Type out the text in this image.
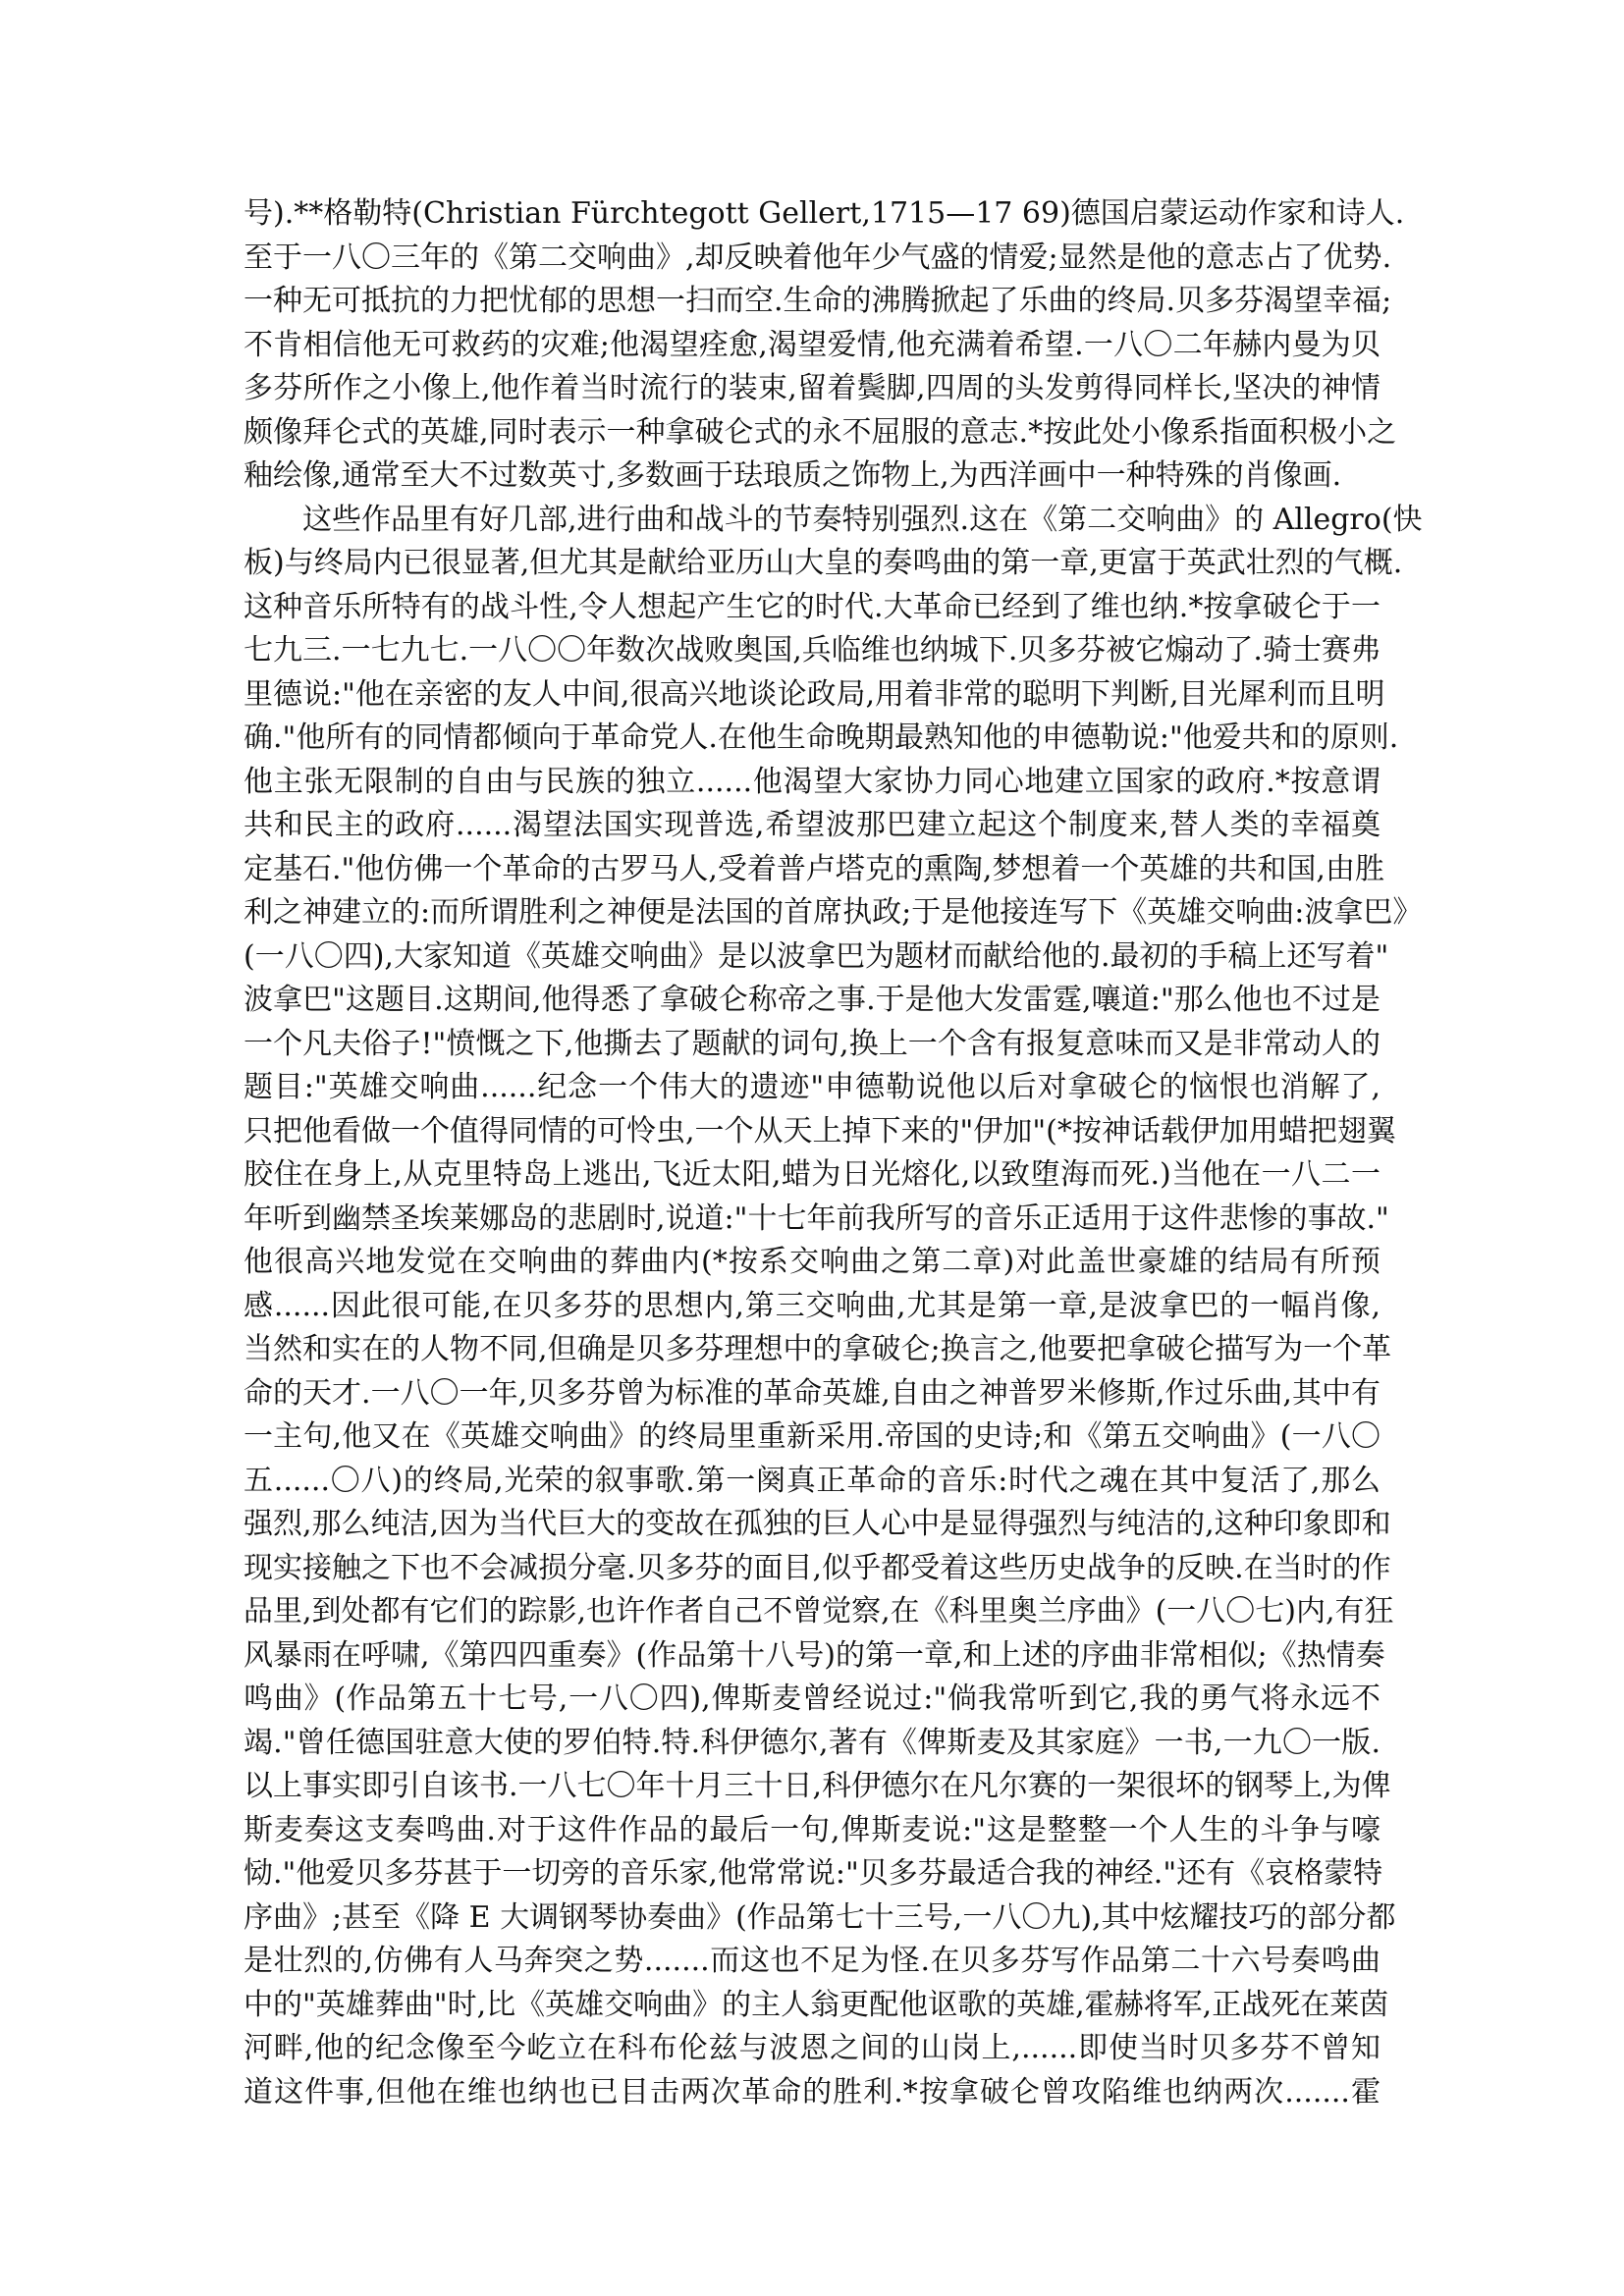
号).**格勒特(Christian Fürchtegott Gellert,1715—17 69)德国启蒙运动作家和诗人.
至于一八〇三年的《第二交响曲》,却反映着他年少气盛的情爱;显然是他的意志占了优势.
一种无可抵抗的力把忧郁的思想一扫而空.生命的沸腾掀起了乐曲的终局.贝多芬渴望幸福;
不肯相信他无可救药的灾难;他渴望痊愈,渴望爱情,他充满着希望.一八〇二年赫内曼为贝
多芬所作之小像上,他作着当时流行的装束,留着鬓脚,四周的头发剪得同样长,坚决的神情
颇像拜仑式的英雄,同时表示一种拿破仑式的永不屈服的意志.*按此处小像系指面积极小之
釉绘像,通常至大不过数英寸,多数画于珐琅质之饰物上,为西洋画中一种特殊的肖像画.
这些作品里有好几部,进行曲和战斗的节奏特别强烈.这在《第二交响曲》的 Allegro(快
板)与终局内已很显著,但尤其是献给亚历山大皇的奏鸣曲的第一章,更富于英武壮烈的气概.
这种音乐所特有的战斗性,令人想起产生它的时代.大革命已经到了维也纳.*按拿破仑于一
七九三.一七九七.一八〇〇年数次战败奥国,兵临维也纳城下.贝多芬被它煽动了.骑士赛弗
里德说:"他在亲密的友人中间,很高兴地谈论政局,用着非常的聪明下判断,目光犀利而且明
确."他所有的同情都倾向于革命党人.在他生命晚期最熟知他的申德勒说:"他爱共和的原则.
他主张无限制的自由与民族的独立......他渴望大家协力同心地建立国家的政府.*按意谓
共和民主的政府......渴望法国实现普选,希望波那巴建立起这个制度来,替人类的幸福奠
定基石."他仿佛一个革命的古罗马人,受着普卢塔克的熏陶,梦想着一个英雄的共和国,由胜
利之神建立的:而所谓胜利之神便是法国的首席执政;于是他接连写下《英雄交响曲:波拿巴》
(一八〇四),大家知道《英雄交响曲》是以波拿巴为题材而献给他的.最初的手稿上还写着"
波拿巴"这题目.这期间,他得悉了拿破仑称帝之事.于是他大发雷霆,嚷道:"那么他也不过是
一个凡夫俗子!"愤慨之下,他撕去了题献的词句,换上一个含有报复意味而又是非常动人的
题目:"英雄交响曲......纪念一个伟大的遗迹"申德勒说他以后对拿破仑的恼恨也消解了,
只把他看做一个值得同情的可怜虫,一个从天上掉下来的"伊加"(*按神话载伊加用蜡把翅翼
胶住在身上,从克里特岛上逃出,飞近太阳,蜡为日光熔化,以致堕海而死.)当他在一八二一
年听到幽禁圣埃莱娜岛的悲剧时,说道:"十七年前我所写的音乐正适用于这件悲惨的事故."
他很高兴地发觉在交响曲的葬曲内(*按系交响曲之第二章)对此盖世豪雄的结局有所预
感......因此很可能,在贝多芬的思想内,第三交响曲,尤其是第一章,是波拿巴的一幅肖像,
当然和实在的人物不同,但确是贝多芬理想中的拿破仑;换言之,他要把拿破仑描写为一个革
命的天才.一八〇一年,贝多芬曾为标准的革命英雄,自由之神普罗米修斯,作过乐曲,其中有
一主句,他又在《英雄交响曲》的终局里重新采用.帝国的史诗;和《第五交响曲》(一八〇
五......〇八)的终局,光荣的叙事歌.第一阕真正革命的音乐:时代之魂在其中复活了,那么
强烈,那么纯洁,因为当代巨大的变故在孤独的巨人心中是显得强烈与纯洁的,这种印象即和
现实接触之下也不会减损分毫.贝多芬的面目,似乎都受着这些历史战争的反映.在当时的作
品里,到处都有它们的踪影,也许作者自己不曾觉察,在《科里奥兰序曲》(一八〇七)内,有狂
风暴雨在呼啸,《第四四重奏》(作品第十八号)的第一章,和上述的序曲非常相似;《热情奏
鸣曲》(作品第五十七号,一八〇四),俾斯麦曾经说过:"倘我常听到它,我的勇气将永远不
竭."曾任德国驻意大使的罗伯特.特.科伊德尔,著有《俾斯麦及其家庭》一书,一九〇一版.
以上事实即引自该书.一八七〇年十月三十日,科伊德尔在凡尔赛的一架很坏的钢琴上,为俾
斯麦奏这支奏鸣曲.对于这件作品的最后一句,俾斯麦说:"这是整整一个人生的斗争与嚎
恸."他爱贝多芬甚于一切旁的音乐家,他常常说:"贝多芬最适合我的神经."还有《哀格蒙特
序曲》;甚至《降 E 大调钢琴协奏曲》(作品第七十三号,一八〇九),其中炫耀技巧的部分都
是壮烈的,仿佛有人马奔突之势.......而这也不足为怪.在贝多芬写作品第二十六号奏鸣曲
中的"英雄葬曲"时,比《英雄交响曲》的主人翁更配他讴歌的英雄,霍赫将军,正战死在莱茵
河畔,他的纪念像至今屹立在科布伦兹与波恩之间的山岗上,......即使当时贝多芬不曾知
道这件事,但他在维也纳也已目击两次革命的胜利.*按拿破仑曾攻陷维也纳两次.......霍
